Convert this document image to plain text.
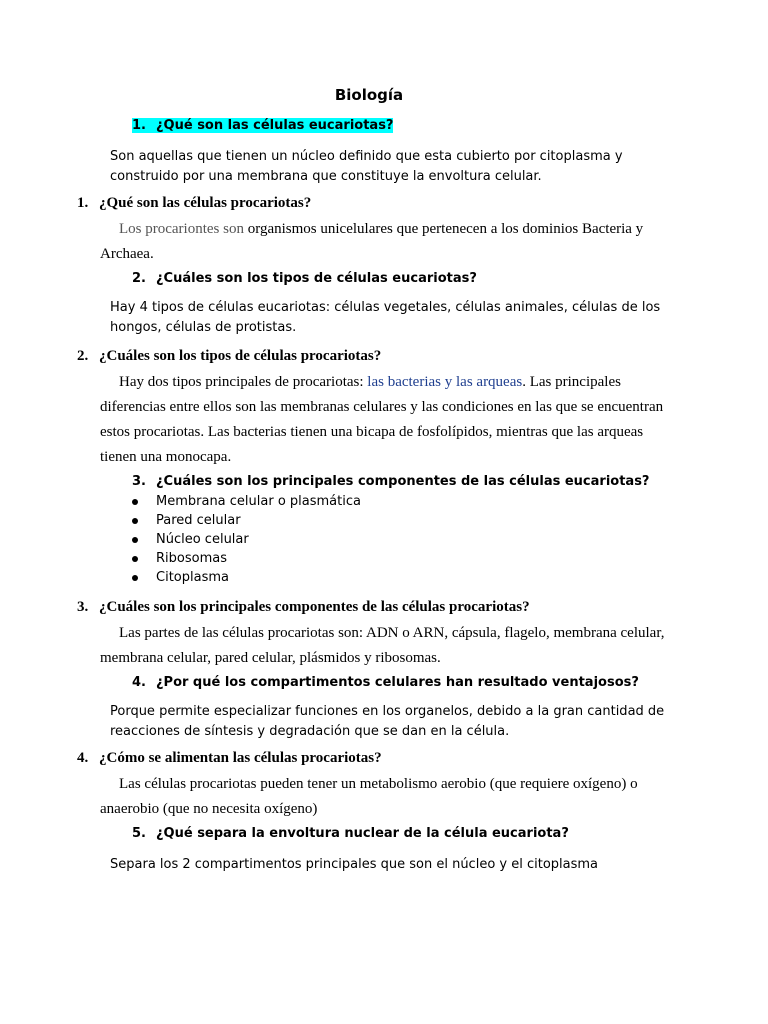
Biología
1. ¿Qué son las células eucariotas?
Son aquellas que tienen un núcleo definido que esta cubierto por citoplasma y
construido por una membrana que constituye la envoltura celular.
1. ¿Qué son las células procariotas?
Los procariontes son organismos unicelulares que pertenecen a los dominios Bacteria y
Archaea.
2. ¿Cuáles son los tipos de células eucariotas?
Hay 4 tipos de células eucariotas: células vegetales, células animales, células de los
hongos, células de protistas.
2. ¿Cuáles son los tipos de células procariotas?
Hay dos tipos principales de procariotas: las bacterias y las arqueas. Las principales
diferencias entre ellos son las membranas celulares y las condiciones en las que se encuentran
estos procariotas. Las bacterias tienen una bicapa de fosfolípidos, mientras que las arqueas
tienen una monocapa.
3. ¿Cuáles son los principales componentes de las células eucariotas?
Membrana celular o plasmática
Pared celular
Núcleo celular
Ribosomas
Citoplasma
3. ¿Cuáles son los principales componentes de las células procariotas?
Las partes de las células procariotas son: ADN o ARN, cápsula, flagelo, membrana celular,
membrana celular, pared celular, plásmidos y ribosomas.
4. ¿Por qué los compartimentos celulares han resultado ventajosos?
Porque permite especializar funciones en los organelos, debido a la gran cantidad de
reacciones de síntesis y degradación que se dan en la célula.
4. ¿Cómo se alimentan las células procariotas?
Las células procariotas pueden tener un metabolismo aerobio (que requiere oxígeno) o
anaerobio (que no necesita oxígeno)
5. ¿Qué separa la envoltura nuclear de la célula eucariota?
Separa los 2 compartimentos principales que son el núcleo y el citoplasma
